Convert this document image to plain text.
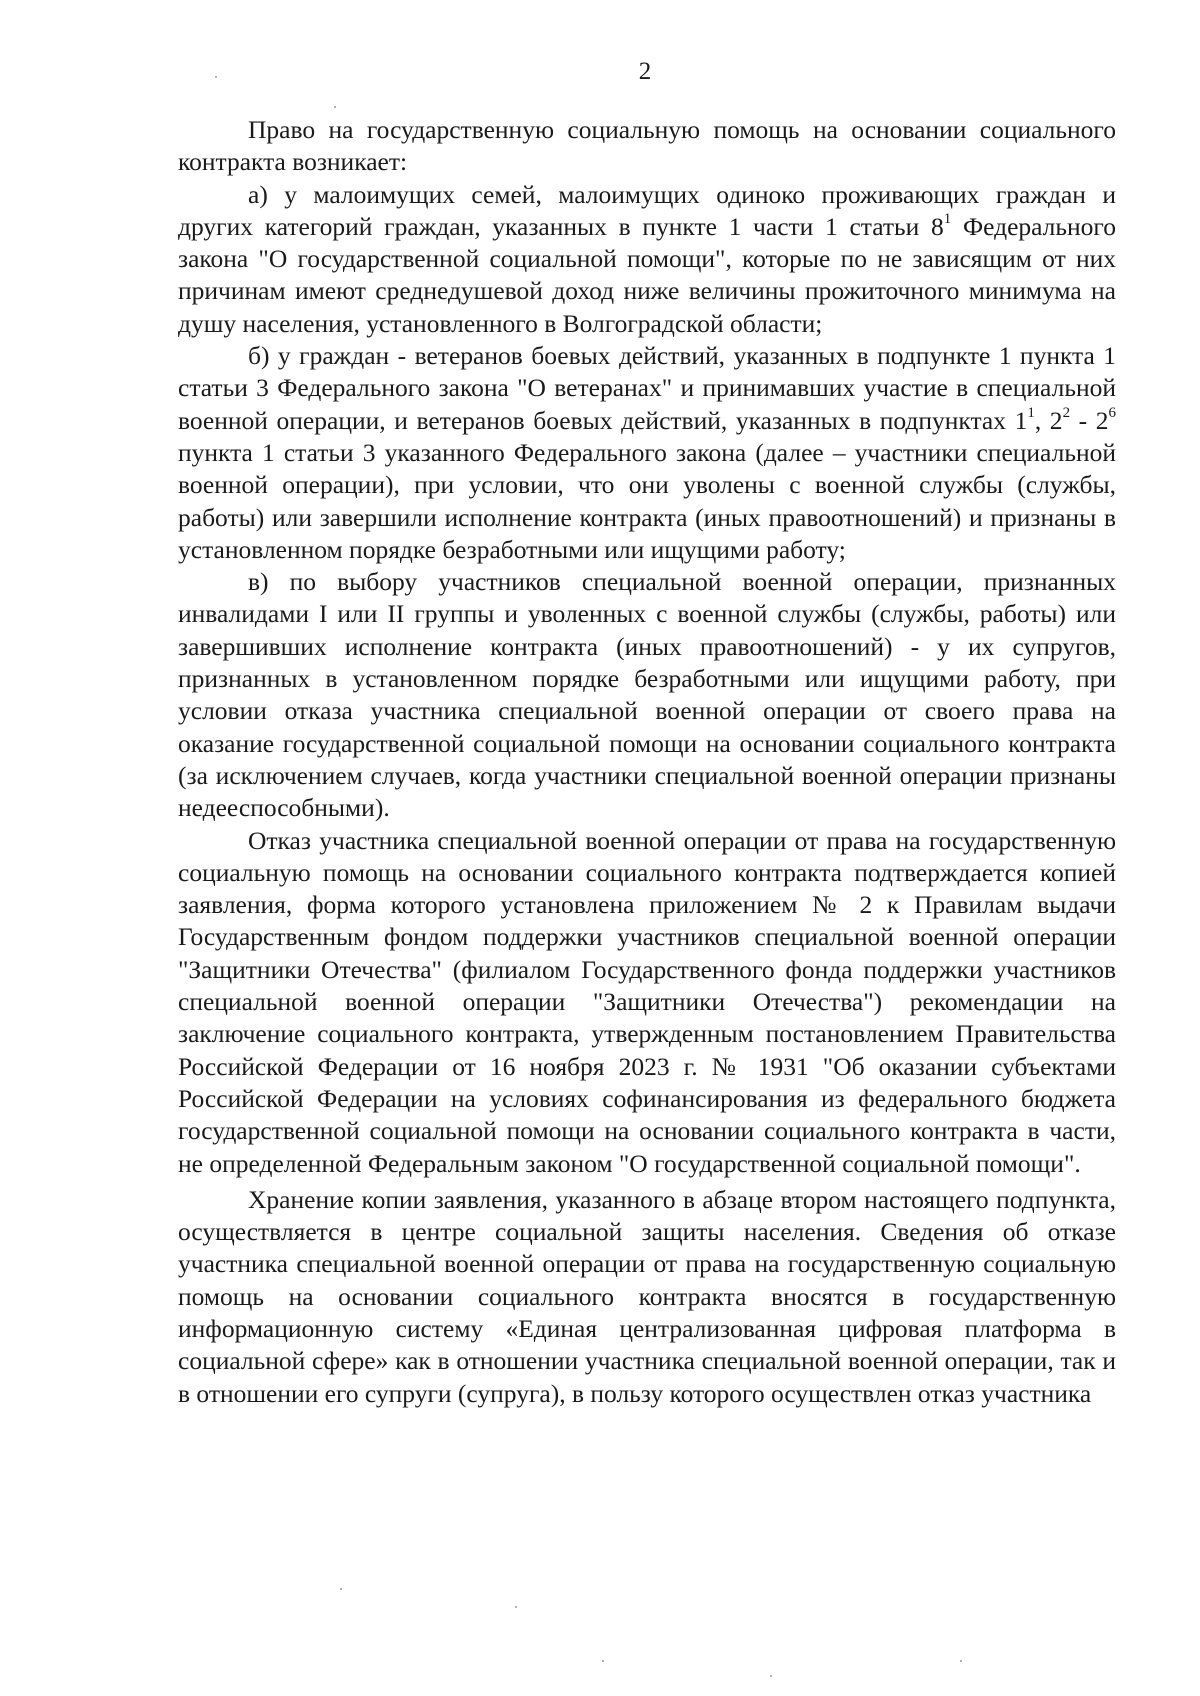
2

Право на государственную социальную помощь на основании социального контракта возникает:

а) у малоимущих семей, малоимущих одиноко проживающих граждан и других категорий граждан, указанных в пункте 1 части 1 статьи $8^1$ Федерального закона "О государственной социальной помощи", которые по не зависящим от них причинам имеют среднедушевой доход ниже величины прожиточного минимума на душу населения, установленного в Волгоградской области;

б) у граждан - ветеранов боевых действий, указанных в подпункте 1 пункта 1 статьи 3 Федерального закона "О ветеранах" и принимавших участие в специальной военной операции, и ветеранов боевых действий, указанных в подпунктах $1^1$, $2^2 - 2^6$ пункта 1 статьи 3 указанного Федерального закона (далее – участники специальной военной операции), при условии, что они уволены с военной службы (службы, работы) или завершили исполнение контракта (иных правоотношений) и признаны в установленном порядке безработными или ищущими работу;

в) по выбору участников специальной военной операции, признанных инвалидами I или II группы и уволенных с военной службы (службы, работы) или завершивших исполнение контракта (иных правоотношений) - у их супругов, признанных в установленном порядке безработными или ищущими работу, при условии отказа участника специальной военной операции от своего права на оказание государственной социальной помощи на основании социального контракта (за исключением случаев, когда участники специальной военной операции признаны недееспособными).

Отказ участника специальной военной операции от права на государственную социальную помощь на основании социального контракта подтверждается копией заявления, форма которого установлена приложением № 2 к Правилам выдачи Государственным фондом поддержки участников специальной военной операции "Защитники Отечества" (филиалом Государственного фонда поддержки участников специальной военной операции "Защитники Отечества") рекомендации на заключение социального контракта, утвержденным постановлением Правительства Российской Федерации от 16 ноября 2023 г. № 1931 "Об оказании субъектами Российской Федерации на условиях софинансирования из федерального бюджета государственной социальной помощи на основании социального контракта в части, не определенной Федеральным законом "О государственной социальной помощи".

Хранение копии заявления, указанного в абзаце втором настоящего подпункта, осуществляется в центре социальной защиты населения. Сведения об отказе участника специальной военной операции от права на государственную социальную помощь на основании социального контракта вносятся в государственную информационную систему «Единая централизованная цифровая платформа в социальной сфере» как в отношении участника специальной военной операции, так и в отношении его супруги (супруга), в пользу которого осуществлен отказ участника
